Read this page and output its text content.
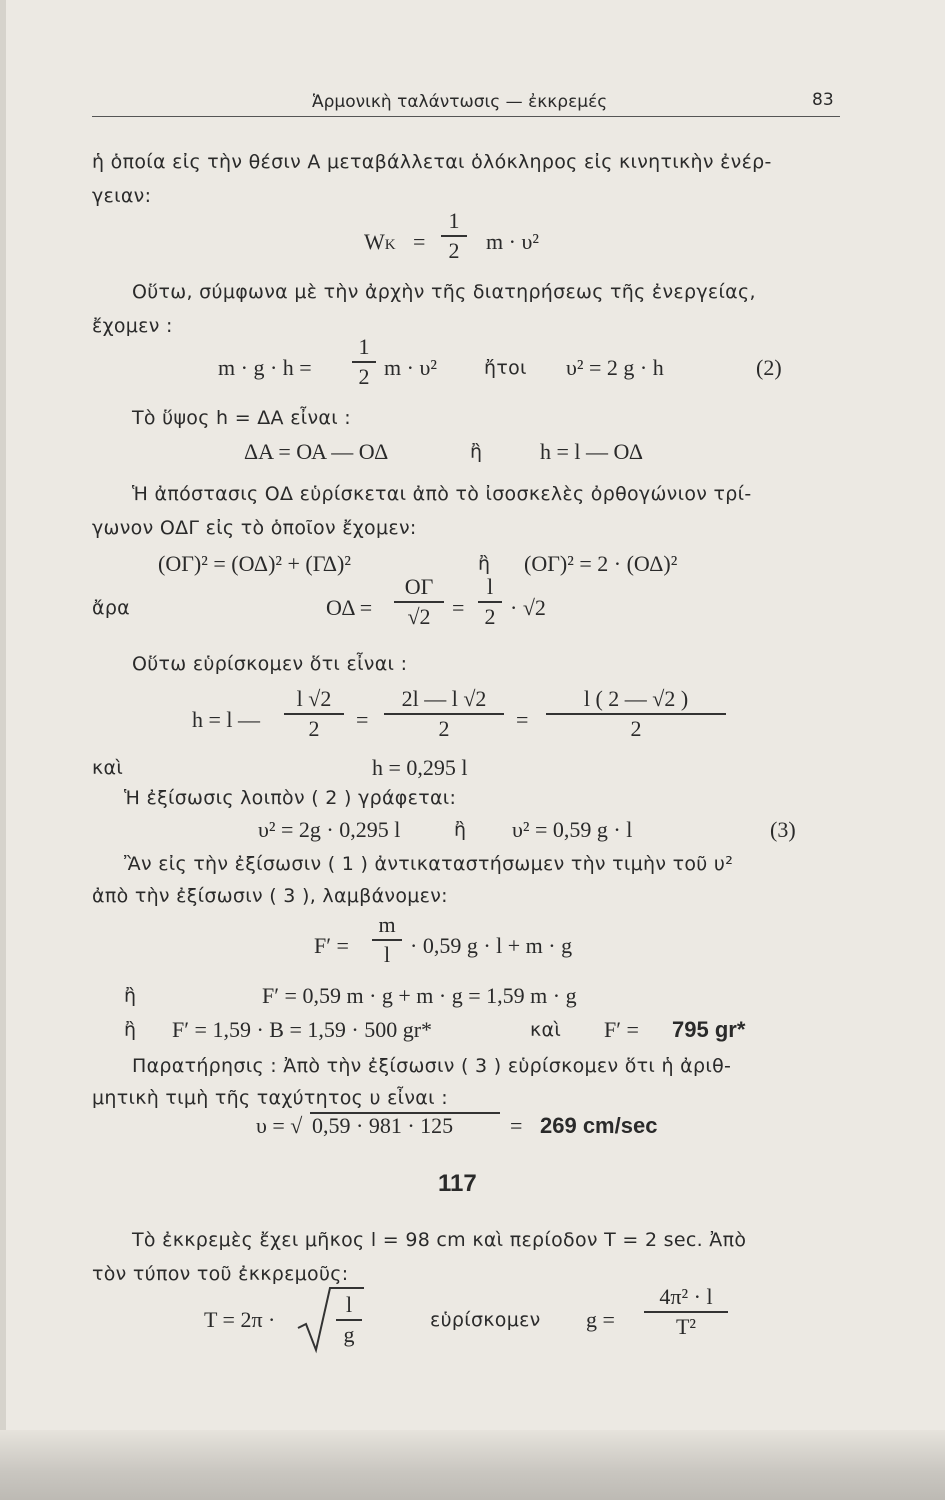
Ἁρμονικὴ ταλάντωσις — ἐκκρεμές	83
ἡ ὁποία εἰς τὴν θέσιν Α μεταβάλλεται ὁλόκληρος εἰς κινητικὴν ἐνέρ-
γειαν:
WK =
1
2	m · υ²
Οὕτω, σύμφωνα μὲ τὴν ἀρχὴν τῆς διατηρήσεως τῆς ἐνεργείας,
ἔχομεν :
m · g · h =
1
2 m · υ² ἤτοι υ² = 2 g · h	(2)
Τὸ ὕψος h = ΔΑ εἶναι :
ΔΑ = ΟΑ — ΟΔ	ἢ	h = l — ΟΔ
Ἡ ἀπόστασις ΟΔ εὑρίσκεται ἀπὸ τὸ ἰσοσκελὲς ὀρθογώνιον τρί-
γωνον ΟΔΓ εἰς τὸ ὁποῖον ἔχομεν:
(ΟΓ)² = (ΟΔ)² + (ΓΔ)²	ἢ (ΟΓ)² = 2 · (ΟΔ)²
ἄρα	ΟΔ =
ΟΓ
√2 =
l
2 · √2
Οὕτω εὑρίσκομεν ὅτι εἶναι :
h = l —
l √2
2	=
2l — l √2
2	=
l ( 2 — √2 )
2
καὶ	h = 0,295 l
Ἡ ἐξίσωσις λοιπὸν ( 2 ) γράφεται:
υ² = 2g · 0,295 l	ἢ υ² = 0,59 g · l	(3)
Ἂν εἰς τὴν ἐξίσωσιν ( 1 ) ἀντικαταστήσωμεν τὴν τιμὴν τοῦ υ²
ἀπὸ τὴν ἐξίσωσιν ( 3 ), λαμβάνομεν:
F′ =
m
l · 0,59 g · l + m · g
ἢ	F′ = 0,59 m · g + m · g = 1,59 m · g
ἢ F′ = 1,59 · B = 1,59 · 500 gr*	καὶ F′ = 795 gr*
Παρατήρησις : Ἀπὸ τὴν ἐξίσωσιν ( 3 ) εὑρίσκομεν ὅτι ἡ ἀριθ-
μητικὴ τιμὴ τῆς ταχύτητος υ εἶναι :
υ = √ 0,59 · 981 · 125	= 269 cm/sec
117
Τὸ ἐκκρεμὲς ἔχει μῆκος l = 98 cm καὶ περίοδον T = 2 sec. Ἀπὸ
τὸν τύπον τοῦ ἐκκρεμοῦς:
T = 2π ·
l
g
εὑρίσκομεν g =
4π² · l
T²
